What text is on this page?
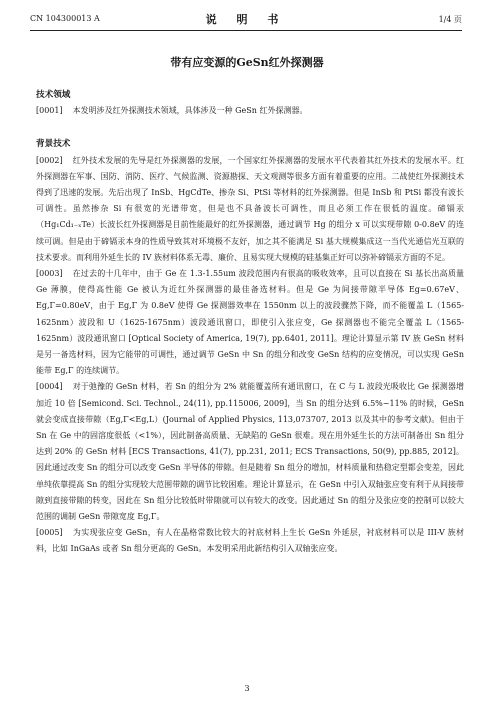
CN 104300013 A	说 明 书	1/4 页
带有应变源的GeSn红外探测器
技术领域
[0001] 本发明涉及红外探测技术领域，具体涉及一种 GeSn 红外探测器。
背景技术
[0002] 红外技术发展的先导是红外探测器的发展，一个国家红外探测器的发展水平代表着其红外技术的发展水平。红外探测器在军事、国防、消防、医疗、气候监测、资源勘探、天文观测等很多方面有着重要的应用。二战使红外探测技术得到了迅速的发展。先后出现了 InSb、HgCdTe、掺杂 Si、PtSi 等材料的红外探测器。但是 InSb 和 PtSi 都没有波长可调性。虽然掺杂 Si 有很宽的光谱带宽，但是也不具备波长可调性，而且必须工作在很低的温度。碲镉汞（Hg₁Cd₁₋ₓTe）长波长红外探测器是目前性能最好的红外探测器，通过调节 Hg 的组分 x 可以实现带隙 0-0.8eV 的连续可调。但是由于碲镉汞本身的性质导致其对环境极不友好，加之其不能满足 Si 基大规模集成这一当代光通信光互联的技术要求。而利用外延生长的 IV 族材料体系无毒、廉价、且易实现大规模的硅基集正好可以弥补碲镉汞方面的不足。
[0003] 在过去的十几年中，由于 Ge 在 1.3-1.55um 波段范围内有很高的吸收效率，且可以直接在 Si 基长出高质量 Ge 薄膜，使得高性能 Ge 被认为近红外探测器的最佳备选材料。但是 Ge 为间接带隙半导体 Eg=0.67eV、Eg,Γ=0.80eV，由于 Eg,Γ 为 0.8eV 使得 Ge 探测器效率在 1550nm 以上的波段骤然下降，而不能覆盖 L（1565-1625nm）波段和 U（1625-1675nm）波段通讯窗口，即使引入张应变，Ge 探测器也不能完全覆盖 L（1565-1625nm）波段通讯窗口 [Optical Society of America, 19(7), pp.6401, 2011]。理论计算显示第 IV 族 GeSn 材料是另一备选材料，因为它能带的可调性，通过调节 GeSn 中 Sn 的组分和改变 GeSn 结构的应变情况，可以实现 GeSn 能带 Eg,Γ 的连续调节。
[0004] 对于弛豫的 GeSn 材料，若 Sn 的组分为 2% 就能覆盖所有通讯窗口，在 C 与 L 波段光吸收比 Ge 探测器增加近 10 倍 [Semicond. Sci. Technol., 24(11), pp.115006, 2009]，当 Sn 的组分达到 6.5%~11% 的时候，GeSn 就会变成直接带隙（Eg,Γ<Eg,L）(Journal of Applied Physics, 113,073707, 2013 以及其中的参考文献)。但由于 Sn 在 Ge 中的固溶度很低（<1%），因此制备高质量、无缺陷的 GeSn 很难。现在用外延生长的方法可制备出 Sn 组分达到 20% 的 GeSn 材料 [ECS Transactions, 41(7), pp.231, 2011; ECS Transactions, 50(9), pp.885, 2012]。因此通过改变 Sn 的组分可以改变 GeSn 半导体的带隙。但是随着 Sn 组分的增加，材料质量和热稳定型都会变差，因此单纯依靠提高 Sn 的组分实现较大范围带隙的调节比较困难。理论计算显示，在 GeSn 中引入双轴张应变有利于从间接带隙到直接带隙的转变，因此在 Sn 组分比较低时带隙就可以有较大的改变。因此通过 Sn 的组分及张应变的控制可以较大范围的调制 GeSn 带隙宽度 Eg,Γ。
[0005] 为实现张应变 GeSn，有人在晶格常数比较大的衬底材料上生长 GeSn 外延层，衬底材料可以是 III-V 族材料，比如 InGaAs 或者 Sn 组分更高的 GeSn。本发明采用此新结构引入双轴张应变。
3
